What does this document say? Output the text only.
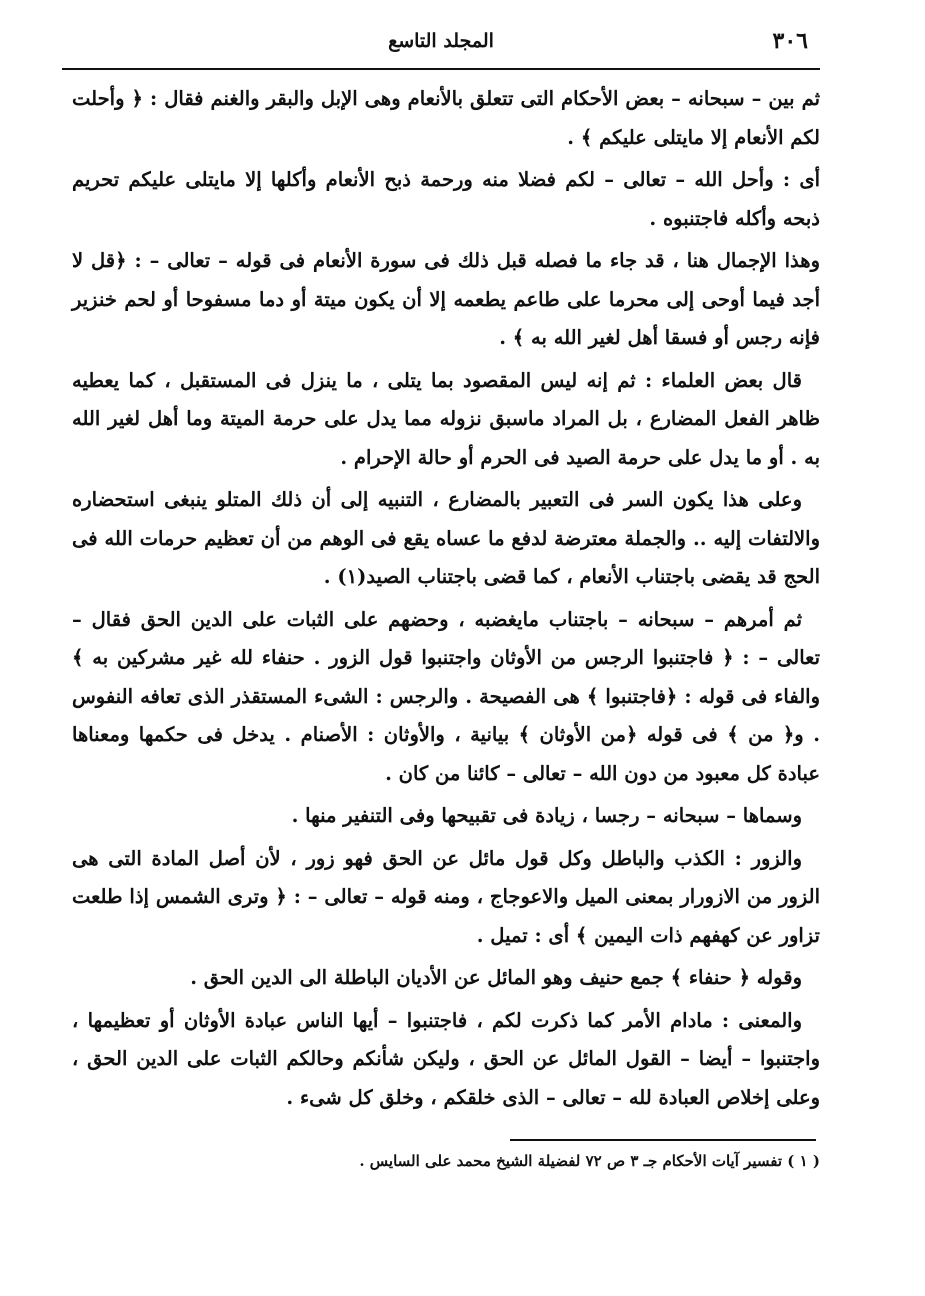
٣٠٦
المجلد التاسع

ثم بين – سبحانه – بعض الأحكام التى تتعلق بالأنعام وهى الإبل والبقر والغنم فقال : ﴿ وأحلت لكم الأنعام إلا مايتلى عليكم ﴾ .

أى : وأحل الله – تعالى – لكم فضلا منه ورحمة ذبح الأنعام وأكلها إلا مايتلى عليكم تحريم ذبحه وأكله فاجتنبوه .

وهذا الإجمال هنا ، قد جاء ما فصله قبل ذلك فى سورة الأنعام فى قوله – تعالى – : ﴿قل لا أجد فيما أوحى إلى محرما على طاعم يطعمه إلا أن يكون ميتة أو دما مسفوحا أو لحم خنزير فإنه رجس أو فسقا أهل لغير الله به ﴾ .

قال بعض العلماء : ثم إنه ليس المقصود بما يتلى ، ما ينزل فى المستقبل ، كما يعطيه ظاهر الفعل المضارع ، بل المراد ماسبق نزوله مما يدل على حرمة الميتة وما أهل لغير الله به . أو ما يدل على حرمة الصيد فى الحرم أو حالة الإحرام .

وعلى هذا يكون السر فى التعبير بالمضارع ، التنبيه إلى أن ذلك المتلو ينبغى استحضاره والالتفات إليه .. والجملة معترضة لدفع ما عساه يقع فى الوهم من أن تعظيم حرمات الله فى الحج قد يقضى باجتناب الأنعام ، كما قضى باجتناب الصيد(١) .

ثم أمرهم – سبحانه – باجتناب مايغضبه ، وحضهم على الثبات على الدين الحق فقال – تعالى – : ﴿ فاجتنبوا الرجس من الأوثان واجتنبوا قول الزور . حنفاء لله غير مشركين به ﴾ والفاء فى قوله : ﴿فاجتنبوا ﴾ هى الفصيحة . والرجس : الشىء المستقذر الذى تعافه النفوس . و﴿ من ﴾ فى قوله ﴿من الأوثان ﴾ بيانية ، والأوثان : الأصنام . يدخل فى حكمها ومعناها عبادة كل معبود من دون الله – تعالى – كائنا من كان .

وسماها – سبحانه – رجسا ، زيادة فى تقبيحها وفى التنفير منها .

والزور : الكذب والباطل وكل قول مائل عن الحق فهو زور ، لأن أصل المادة التى هى الزور من الازورار بمعنى الميل والاعوجاج ، ومنه قوله – تعالى – : ﴿ وترى الشمس إذا طلعت تزاور عن كهفهم ذات اليمين ﴾ أى : تميل .

وقوله ﴿ حنفاء ﴾ جمع حنيف وهو المائل عن الأديان الباطلة الى الدين الحق .

والمعنى : مادام الأمر كما ذكرت لكم ، فاجتنبوا – أيها الناس عبادة الأوثان أو تعظيمها ، واجتنبوا – أيضا – القول المائل عن الحق ، وليكن شأنكم وحالكم الثبات على الدين الحق ، وعلى إخلاص العبادة لله – تعالى – الذى خلقكم ، وخلق كل شىء .

( ١ ) تفسير آيات الأحكام جـ ٣ ص ٧٢ لفضيلة الشيخ محمد على السايس .
